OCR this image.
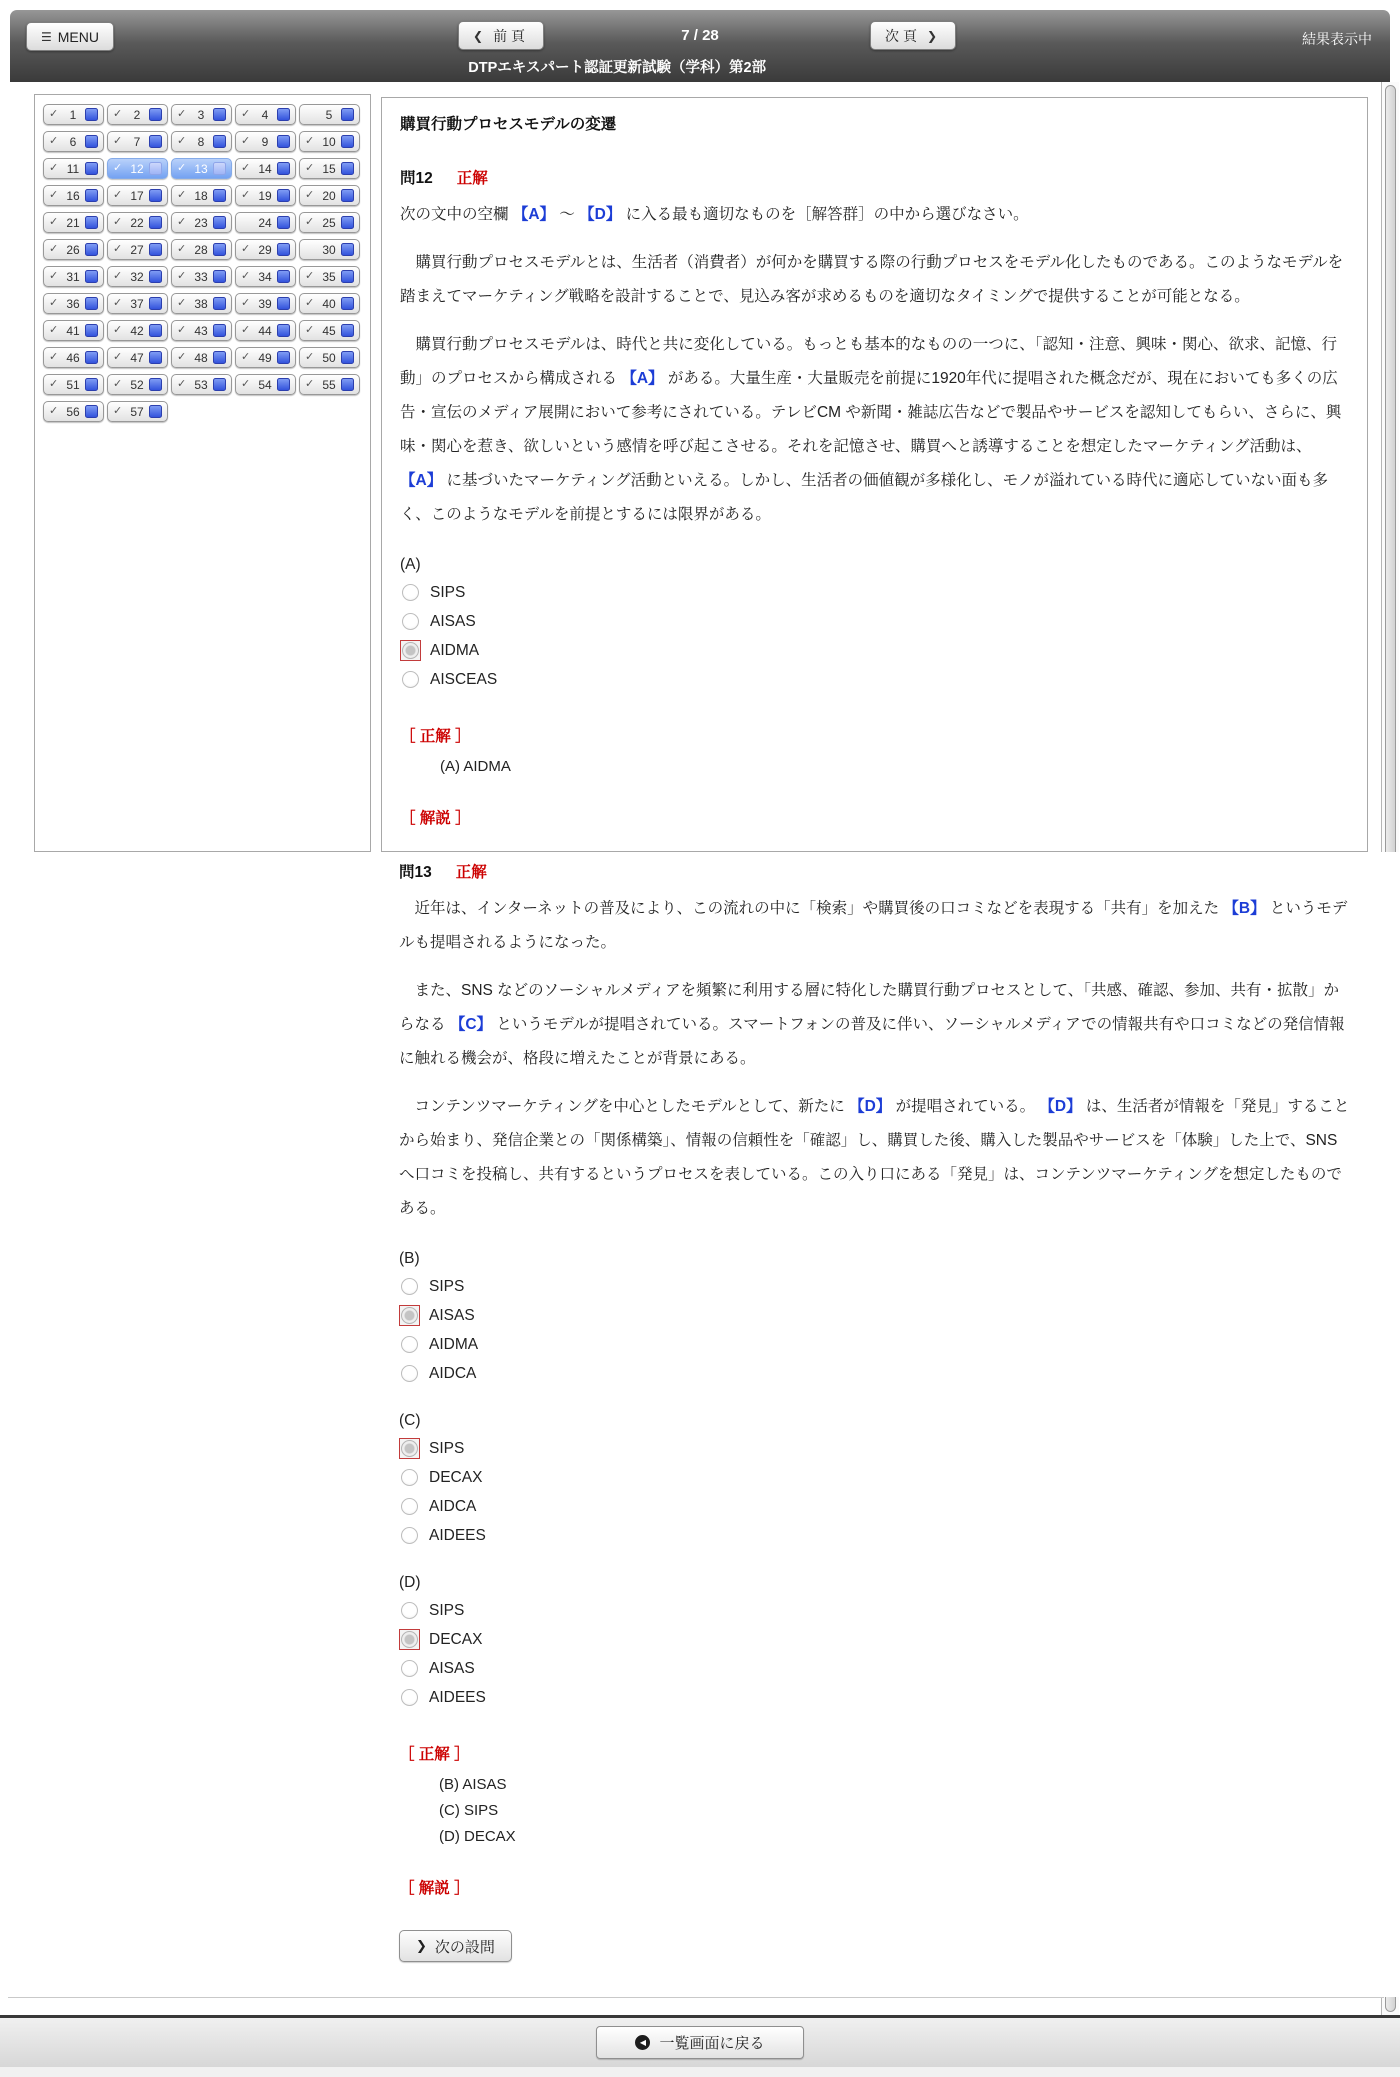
☰ MENU	❮ 前頁	7 / 28	次頁 ❯	結果表示中
DTPエキスパート認証更新試験（学科）第2部
✓ 1	✓ 2	✓ 3	✓ 4	5
✓ 6	✓ 7	✓ 8	✓ 9	✓ 10
✓ 11	✓ 12	✓ 13	✓ 14	✓ 15
✓ 16	✓ 17	✓ 18	✓ 19	✓ 20
✓ 21	✓ 22	✓ 23	24	✓ 25
✓ 26	✓ 27	✓ 28	✓ 29	30
✓ 31	✓ 32	✓ 33	✓ 34	✓ 35
✓ 36	✓ 37	✓ 38	✓ 39	✓ 40
✓ 41	✓ 42	✓ 43	✓ 44	✓ 45
✓ 46	✓ 47	✓ 48	✓ 49	✓ 50
✓ 51	✓ 52	✓ 53	✓ 54	✓ 55
✓ 56	✓ 57
購買行動プロセスモデルの変遷
問12 正解

次の文中の空欄 【A】 ～ 【D】 に入る最も適切なものを［解答群］の中から選びなさい。

　購買行動プロセスモデルとは、生活者（消費者）が何かを購買する際の行動プロセスをモデル化したものである。このようなモデルを踏まえてマーケティング戦略を設計することで、見込み客が求めるものを適切なタイミングで提供することが可能となる。

　購買行動プロセスモデルは、時代と共に変化している。もっとも基本的なものの一つに、「認知・注意、興味・関心、欲求、記憶、行動」のプロセスから構成される 【A】 がある。大量生産・大量販売を前提に1920年代に提唱された概念だが、現在においても多くの広告・宣伝のメディア展開において参考にされている。テレビCM や新聞・雑誌広告などで製品やサービスを認知してもらい、さらに、興味・関心を惹き、欲しいという感情を呼び起こさせる。それを記憶させ、購買へと誘導することを想定したマーケティング活動は、 【A】 に基づいたマーケティング活動といえる。しかし、生活者の価値観が多様化し、モノが溢れている時代に適応していない面も多く、このようなモデルを前提とするには限界がある。

(A)
SIPS
AISAS
AIDMA
AISCEAS
［ 正解 ］
(A) AIDMA
［ 解説 ］
問13 正解

　近年は、インターネットの普及により、この流れの中に「検索」や購買後の口コミなどを表現する「共有」を加えた 【B】 というモデルも提唱されるようになった。

　また、SNS などのソーシャルメディアを頻繁に利用する層に特化した購買行動プロセスとして、「共感、確認、参加、共有・拡散」からなる 【C】 というモデルが提唱されている。スマートフォンの普及に伴い、ソーシャルメディアでの情報共有や口コミなどの発信情報に触れる機会が、格段に増えたことが背景にある。

　コンテンツマーケティングを中心としたモデルとして、新たに 【D】 が提唱されている。 【D】 は、生活者が情報を「発見」することから始まり、発信企業との「関係構築」、情報の信頼性を「確認」し、購買した後、購入した製品やサービスを「体験」した上で、SNSへ口コミを投稿し、共有するというプロセスを表している。この入り口にある「発見」は、コンテンツマーケティングを想定したものである。

(B)
SIPS
AISAS
AIDMA
AIDCA
(C)
SIPS
DECAX
AIDCA
AIDEES
(D)
SIPS
DECAX
AISAS
AIDEES
［ 正解 ］
(B) AISAS
(C) SIPS
(D) DECAX
［ 解説 ］
❯ 次の設問
◀ 一覧画面に戻る
